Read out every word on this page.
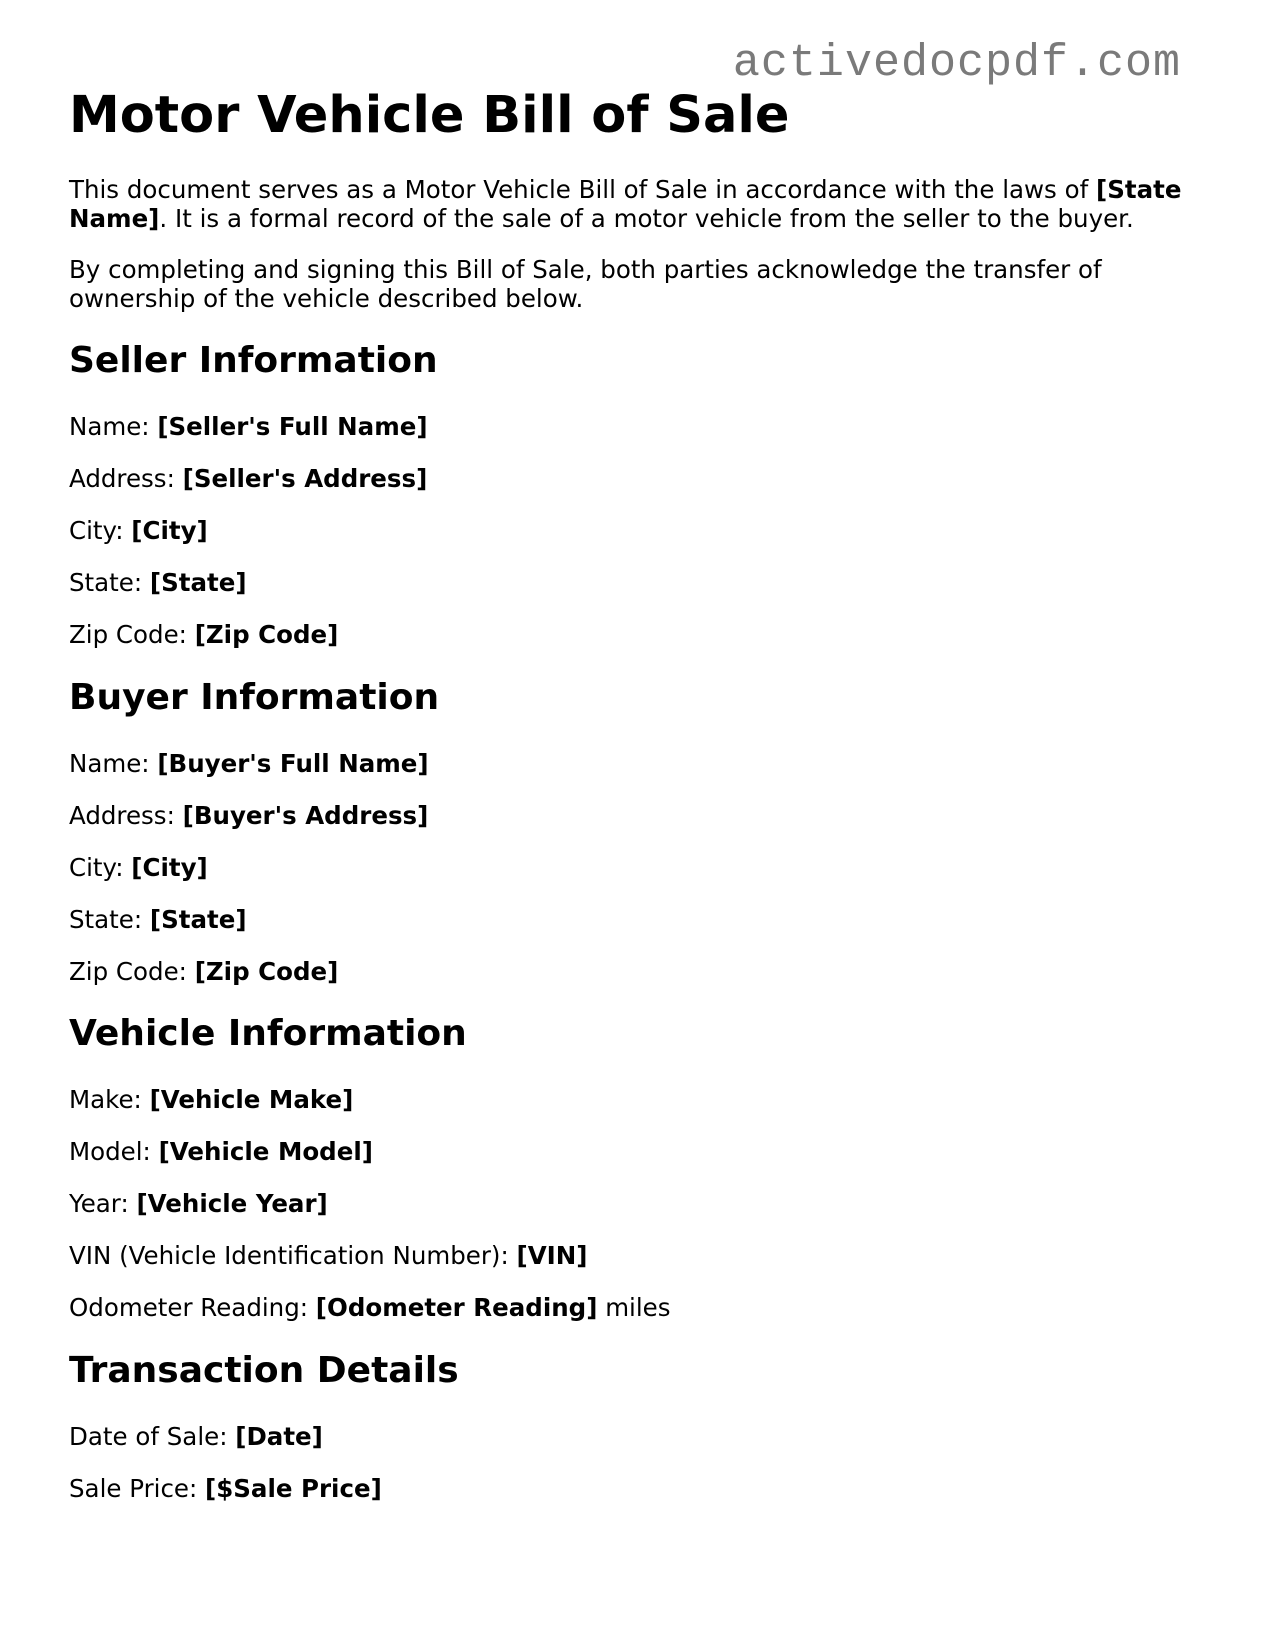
activedocpdf.com
Motor Vehicle Bill of Sale

This document serves as a Motor Vehicle Bill of Sale in accordance with the laws of [State Name]. It is a formal record of the sale of a motor vehicle from the seller to the buyer.

By completing and signing this Bill of Sale, both parties acknowledge the transfer of ownership of the vehicle described below.

Seller Information

Name: [Seller's Full Name]

Address: [Seller's Address]

City: [City]

State: [State]

Zip Code: [Zip Code]

Buyer Information

Name: [Buyer's Full Name]

Address: [Buyer's Address]

City: [City]

State: [State]

Zip Code: [Zip Code]

Vehicle Information

Make: [Vehicle Make]

Model: [Vehicle Model]

Year: [Vehicle Year]

VIN (Vehicle Identification Number): [VIN]

Odometer Reading: [Odometer Reading] miles

Transaction Details

Date of Sale: [Date]

Sale Price: [$Sale Price]
